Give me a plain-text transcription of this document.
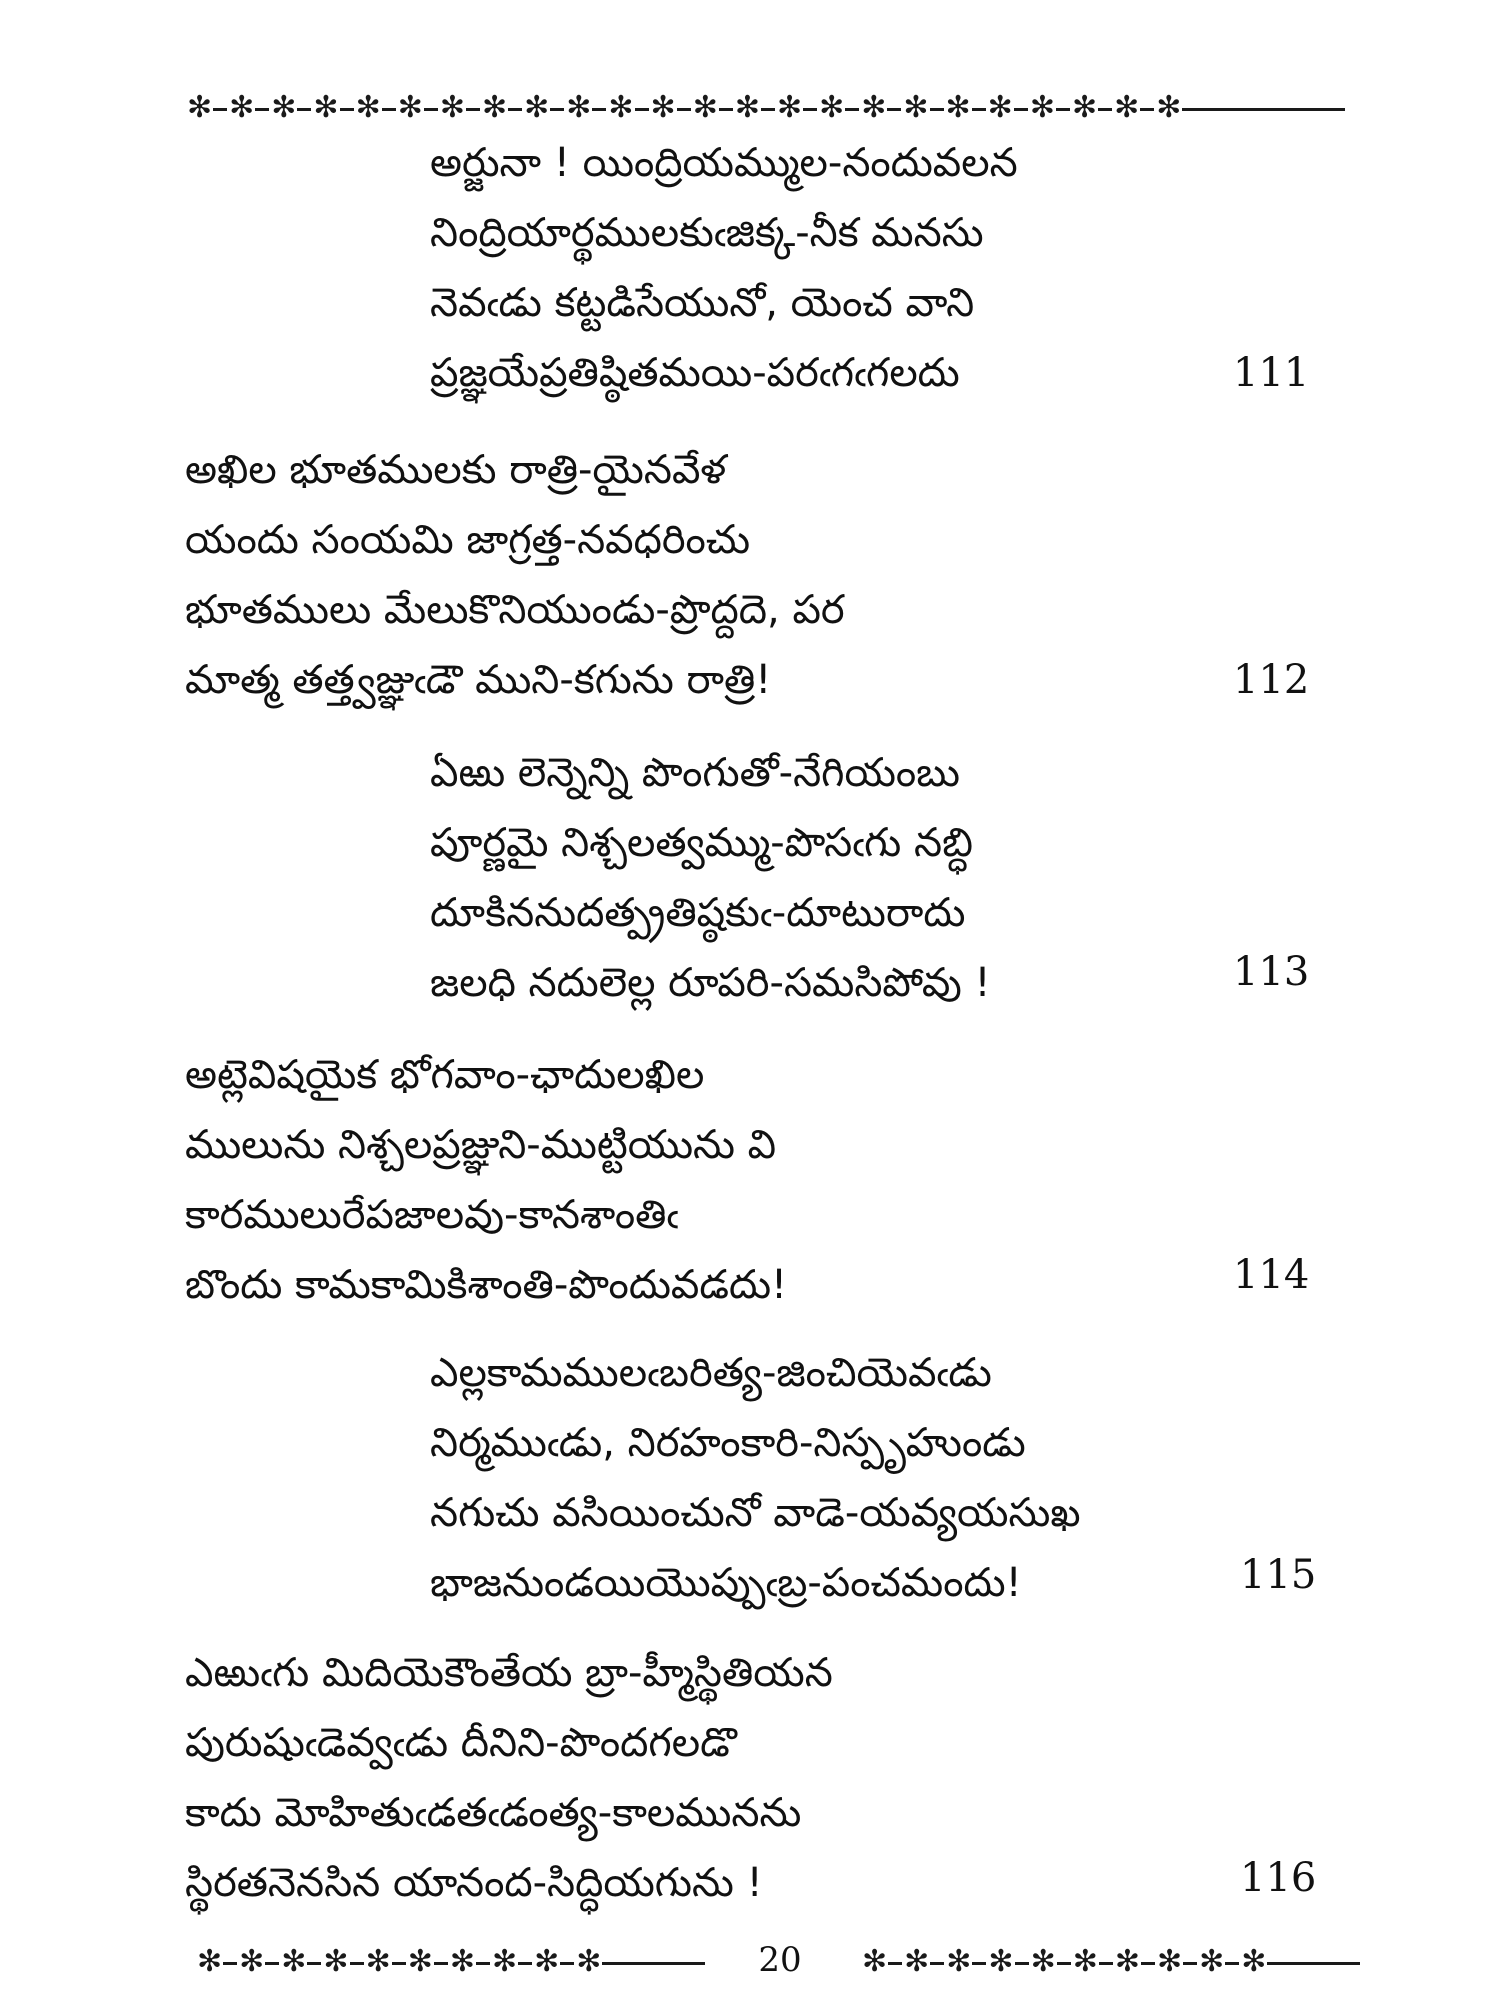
✻ ✻ ✻ ✻ ✻ ✻ ✻ ✻ ✻ ✻ ✻ ✻ ✻ ✻ ✻ ✻ ✻ ✻ ✻ ✻ ✻ ✻ ✻ ✻
అర్జునా ! యింద్రియమ్ముల-నందువలన
నింద్రియార్థములకుఁజిక్క-నీక మనసు
నెవఁడు కట్టడిసేయునో, యెంచ వాని
ప్రజ్ఞయేప్రతిష్ఠితమయి-పరఁగఁగలదు	111
అఖిల భూతములకు రాత్రి-యైనవేళ
యందు సంయమి జాగ్రత్త-నవధరించు
భూతములు మేలుకొనియుండు-ప్రొద్దదె, పర
మాత్మ తత్త్వజ్ఞుఁడౌ ముని-కగును రాత్రి!	112
ఏఱు లెన్నెన్ని పొంగుతో-నేగియంబు
పూర్ణమై నిశ్చలత్వమ్ము-పొసఁగు నబ్ధి
దూకిననుదత్ప్రతిష్ఠకుఁ-దూటురాదు
జలధి నదులెల్ల రూపరి-సమసిపోవు !	113
అట్లెవిషయైక భోగవాం-ఛాదులఖిల
ములును నిశ్చలప్రజ్ఞుని-ముట్టియును వి
కారములురేపజాలవు-కానశాంతిఁ
బొందు కామకామికిశాంతి-పొందువడదు!	114
ఎల్లకామములఁబరిత్య-జించియెవఁడు
నిర్మముఁడు, నిరహంకారి-నిస్పృహుండు
నగుచు వసియించునో వాడె-యవ్యయసుఖ
భాజనుండయియొప్పుఁబ్ర-పంచమందు!	115
ఎఱుఁగు మిదియెకౌంతేయ బ్రా-హ్మీస్థితియన
పురుషుఁడెవ్వఁడు దీనిని-పొందగలడొ
కాదు మోహితుఁడతఁడంత్య-కాలమునను
స్థిరతనెనసిన యానంద-సిద్ధియగును !	116
✻ ✻ ✻ ✻ ✻ ✻ ✻ ✻ ✻ ✻	20	✻ ✻ ✻ ✻ ✻ ✻ ✻ ✻ ✻ ✻
